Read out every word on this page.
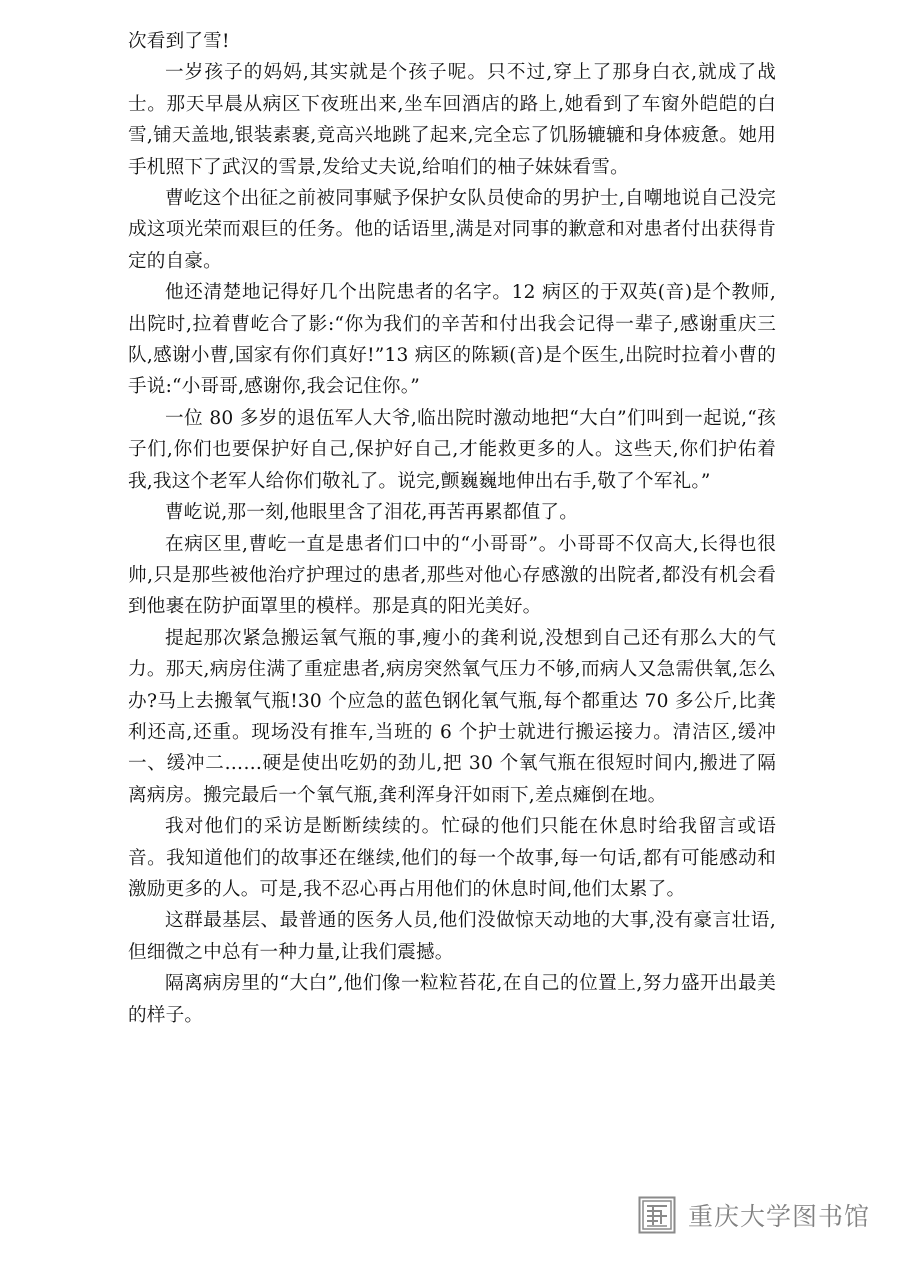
次看到了雪!

一岁孩子的妈妈,其实就是个孩子呢。只不过,穿上了那身白衣,就成了战士。那天早晨从病区下夜班出来,坐车回酒店的路上,她看到了车窗外皑皑的白雪,铺天盖地,银装素裹,竟高兴地跳了起来,完全忘了饥肠辘辘和身体疲惫。她用手机照下了武汉的雪景,发给丈夫说,给咱们的柚子妹妹看雪。

曹屹这个出征之前被同事赋予保护女队员使命的男护士,自嘲地说自己没完成这项光荣而艰巨的任务。他的话语里,满是对同事的歉意和对患者付出获得肯定的自豪。

他还清楚地记得好几个出院患者的名字。12 病区的于双英(音)是个教师,出院时,拉着曹屹合了影:“你为我们的辛苦和付出我会记得一辈子,感谢重庆三队,感谢小曹,国家有你们真好!”13 病区的陈颖(音)是个医生,出院时拉着小曹的手说:“小哥哥,感谢你,我会记住你。”

一位 80 多岁的退伍军人大爷,临出院时激动地把“大白”们叫到一起说,“孩子们,你们也要保护好自己,保护好自己,才能救更多的人。这些天,你们护佑着我,我这个老军人给你们敬礼了。说完,颤巍巍地伸出右手,敬了个军礼。”

曹屹说,那一刻,他眼里含了泪花,再苦再累都值了。

在病区里,曹屹一直是患者们口中的“小哥哥”。小哥哥不仅高大,长得也很帅,只是那些被他治疗护理过的患者,那些对他心存感激的出院者,都没有机会看到他裹在防护面罩里的模样。那是真的阳光美好。

提起那次紧急搬运氧气瓶的事,瘦小的龚利说,没想到自己还有那么大的气力。那天,病房住满了重症患者,病房突然氧气压力不够,而病人又急需供氧,怎么办?马上去搬氧气瓶!30 个应急的蓝色钢化氧气瓶,每个都重达 70 多公斤,比龚利还高,还重。现场没有推车,当班的 6 个护士就进行搬运接力。清洁区,缓冲一、缓冲二……硬是使出吃奶的劲儿,把 30 个氧气瓶在很短时间内,搬进了隔离病房。搬完最后一个氧气瓶,龚利浑身汗如雨下,差点瘫倒在地。

我对他们的采访是断断续续的。忙碌的他们只能在休息时给我留言或语音。我知道他们的故事还在继续,他们的每一个故事,每一句话,都有可能感动和激励更多的人。可是,我不忍心再占用他们的休息时间,他们太累了。

这群最基层、最普通的医务人员,他们没做惊天动地的大事,没有豪言壮语,但细微之中总有一种力量,让我们震撼。

隔离病房里的“大白”,他们像一粒粒苔花,在自己的位置上,努力盛开出最美的样子。

重庆大学图书馆
